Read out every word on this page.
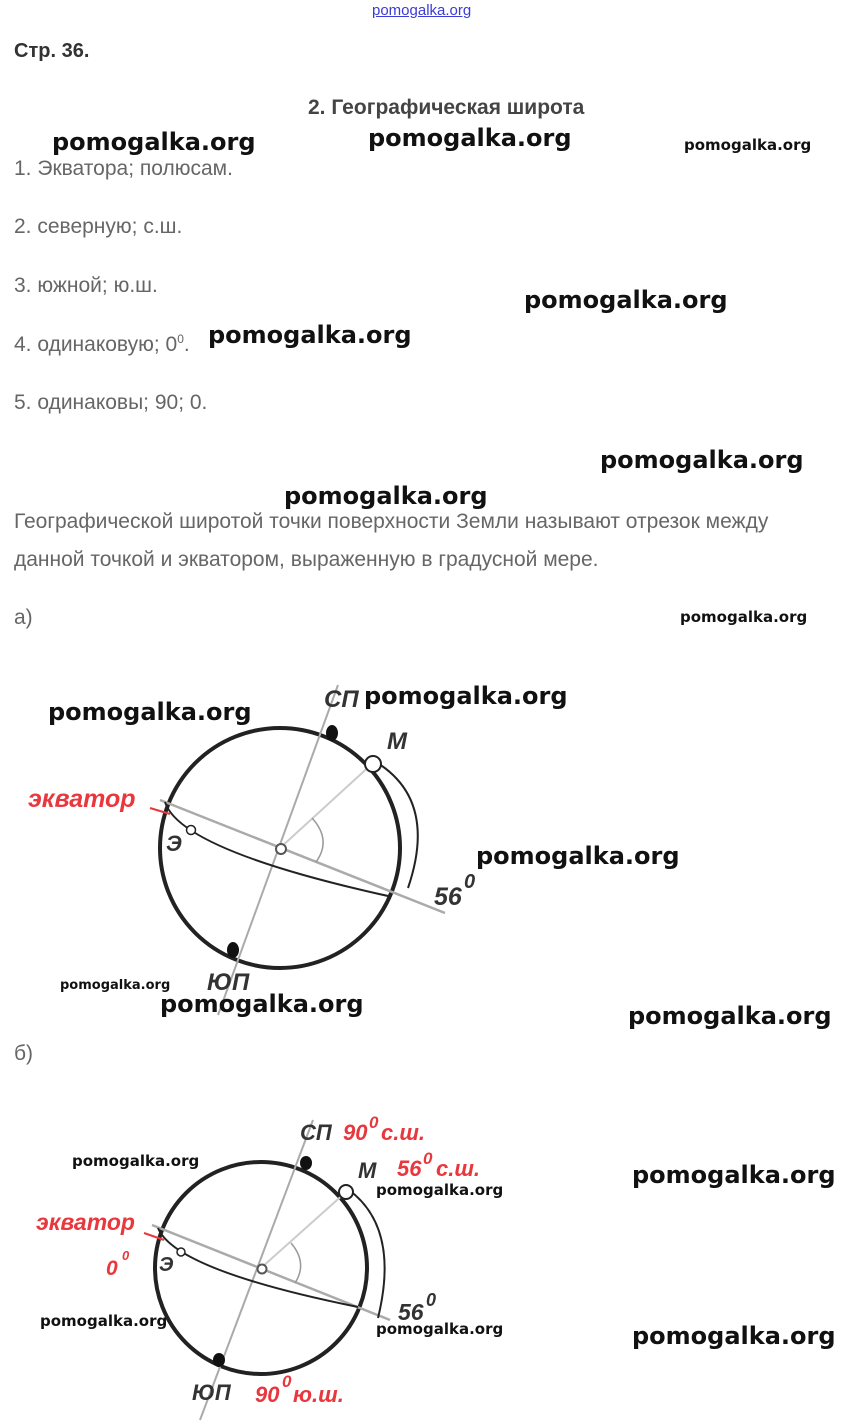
pomogalka.org
Стр. 36.
2. Географическая широта
1. Экватора; полюсам.
2. северную; с.ш.
3. южной; ю.ш.
4. одинаковую; $0^0$.
5. одинаковы; 90; 0.
Географической широтой точки поверхности Земли называют отрезок между
данной точкой и экватором, выраженную в градусной мере.
а)
б)
СП
М
экватор
Э
56
0
ЮП
СП 90 0 с.ш.
М 56 0 с.ш.
экватор
Э
0
0
56 0
ЮП 90
0
ю.ш.
pomogalka.org	pomogalka.org	pomogalka.org
pomogalka.org
pomogalka.org
pomogalka.org
pomogalka.org
pomogalka.org
pomogalka.org
pomogalka.org
pomogalka.org
pomogalka.org
pomogalka.org	pomogalka.org
pomogalka.org	pomogalka.org
pomogalka.org
pomogalka.org	pomogalka.org	pomogalka.org
